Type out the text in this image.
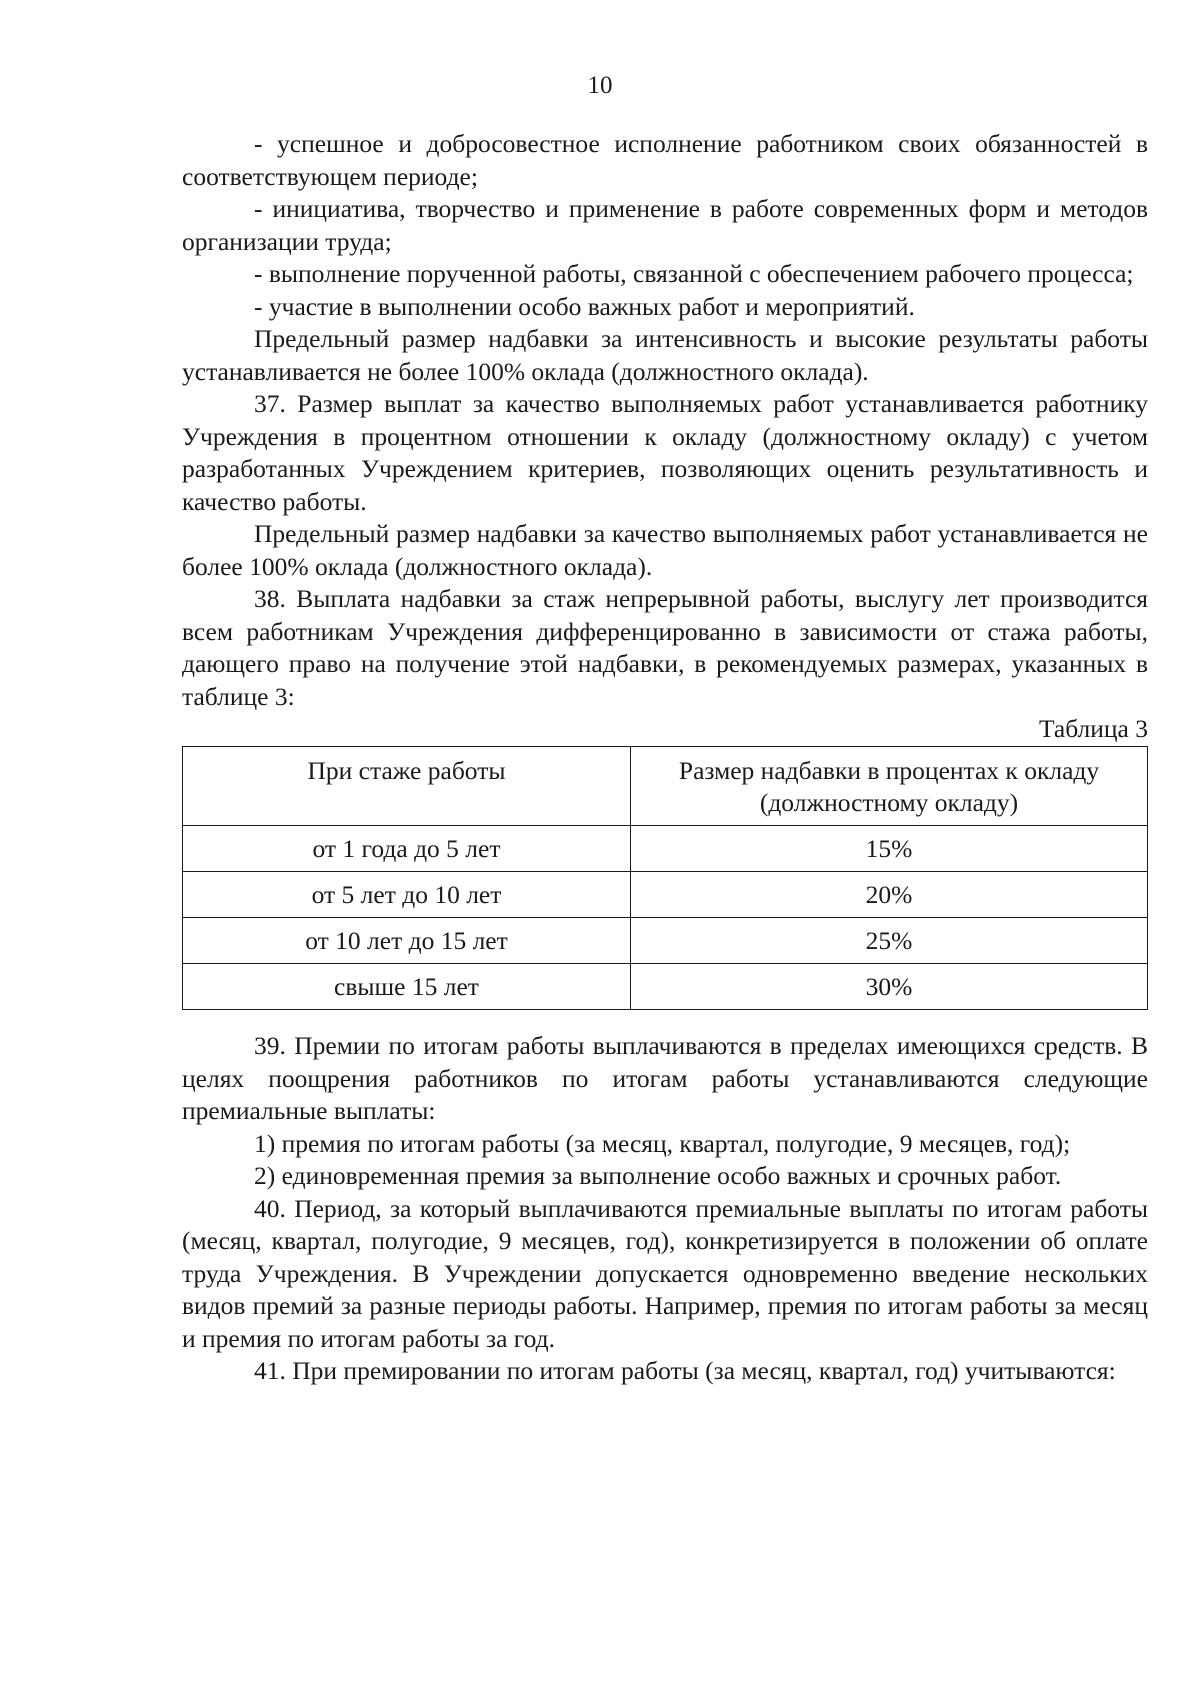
10

- успешное и добросовестное исполнение работником своих обязанностей в соответствующем периоде;

- инициатива, творчество и применение в работе современных форм и методов организации труда;

- выполнение порученной работы, связанной с обеспечением рабочего процесса;

- участие в выполнении особо важных работ и мероприятий.

Предельный размер надбавки за интенсивность и высокие результаты работы устанавливается не более 100% оклада (должностного оклада).

37. Размер выплат за качество выполняемых работ устанавливается работнику Учреждения в процентном отношении к окладу (должностному окладу) с учетом разработанных Учреждением критериев, позволяющих оценить результативность и качество работы.

Предельный размер надбавки за качество выполняемых работ устанавливается не более 100% оклада (должностного оклада).

38. Выплата надбавки за стаж непрерывной работы, выслугу лет производится всем работникам Учреждения дифференцированно в зависимости от стажа работы, дающего право на получение этой надбавки, в рекомендуемых размерах, указанных в таблице 3:

Таблица 3

При стаже работы	Размер надбавки в процентах к окладу (должностному окладу)
от 1 года до 5 лет	15%
от 5 лет до 10 лет	20%
от 10 лет до 15 лет	25%
свыше 15 лет	30%

39. Премии по итогам работы выплачиваются в пределах имеющихся средств. В целях поощрения работников по итогам работы устанавливаются следующие премиальные выплаты:

1) премия по итогам работы (за месяц, квартал, полугодие, 9 месяцев, год);

2) единовременная премия за выполнение особо важных и срочных работ.

40. Период, за который выплачиваются премиальные выплаты по итогам работы (месяц, квартал, полугодие, 9 месяцев, год), конкретизируется в положении об оплате труда Учреждения. В Учреждении допускается одновременно введение нескольких видов премий за разные периоды работы. Например, премия по итогам работы за месяц и премия по итогам работы за год.

41. При премировании по итогам работы (за месяц, квартал, год) учитываются:
